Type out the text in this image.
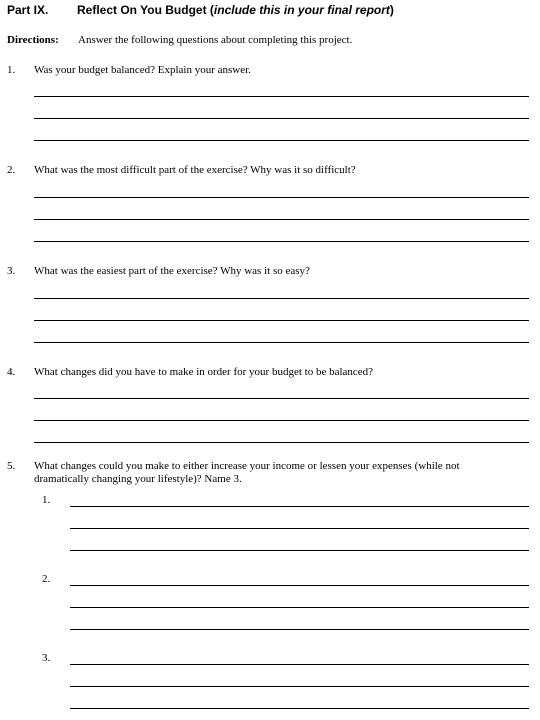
Part IX. Reflect On You Budget (include this in your final report)
Directions: Answer the following questions about completing this project.
1. Was your budget balanced? Explain your answer.
2. What was the most difficult part of the exercise? Why was it so difficult?
3. What was the easiest part of the exercise? Why was it so easy?
4. What changes did you have to make in order for your budget to be balanced?
5. What changes could you make to either increase your income or lessen your expenses (while not
dramatically changing your lifestyle)? Name 3.
1.
2.
3.
